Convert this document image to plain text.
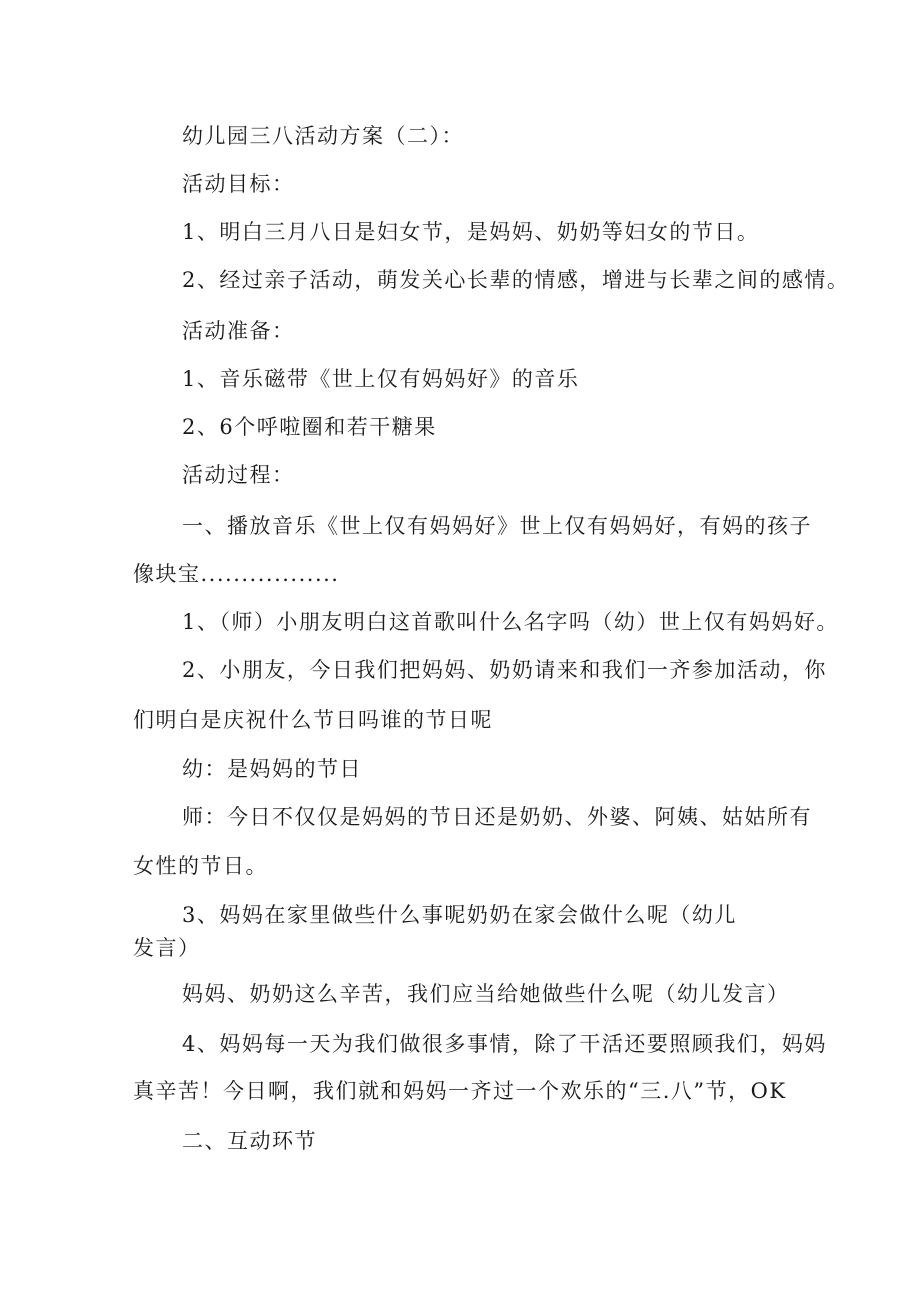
幼儿园三八活动方案（二）：
活动目标：
1、明白三月八日是妇女节，是妈妈、奶奶等妇女的节日。
2、经过亲子活动，萌发关心长辈的情感，增进与长辈之间的感情。
活动准备：
1、音乐磁带《世上仅有妈妈好》的音乐
2、6个呼啦圈和若干糖果
活动过程：
一、播放音乐《世上仅有妈妈好》世上仅有妈妈好，有妈的孩子
像块宝.................
1、（师）小朋友明白这首歌叫什么名字吗（幼）世上仅有妈妈好。
2、小朋友，今日我们把妈妈、奶奶请来和我们一齐参加活动，你
们明白是庆祝什么节日吗谁的节日呢
幼：是妈妈的节日
师：今日不仅仅是妈妈的节日还是奶奶、外婆、阿姨、姑姑所有
女性的节日。
3、妈妈在家里做些什么事呢奶奶在家会做什么呢（幼儿
发言）
妈妈、奶奶这么辛苦，我们应当给她做些什么呢（幼儿发言）
4、妈妈每一天为我们做很多事情，除了干活还要照顾我们，妈妈
真辛苦！今日啊，我们就和妈妈一齐过一个欢乐的“三.八”节，OK
二、互动环节
